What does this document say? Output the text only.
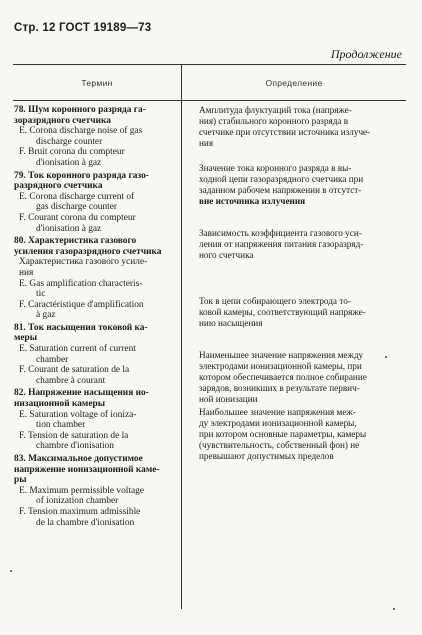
Стр. 12 ГОСТ 19189—73
Продолжение
Термин	Определение
78. Шум коронного разряда га-
зоразрядного счетчика
E. Corona discharge noise of gas
discharge counter
F. Bruit corona du compteur
d'ionisation à gaz
79. Ток коронного разряда газо-
разрядного счетчика
E. Corona discharge current of
gas discharge counter
F. Courant corona du compteur
d'ionisation à gaz
80. Характеристика газового
усиления газоразрядного счетчика
Характеристика газового усиле-
ния
E. Gas amplification characteris-
tic
F. Caractéristique d'amplification
à gaz
81. Ток насыщения токовой ка-
меры
E. Saturation current of current
chamber
F. Courant de saturation de la
chambre à courant
82. Напряжение насыщения ио-
низационной камеры
E. Saturation voltage of ioniza-
tion chamber
F. Tension de saturation de la
chambre d'ionisation
83. Максимальное допустимое
напряжение ионизационной каме-
ры
E. Maximum permissible voltage
of ionization chamber
F. Tension maximum admissible
de la chambre d'ionisation
Амплитуда флуктуаций тока (напряже-
ния) стабильного коронного разряда в
счетчике при отсутствии источника излуче-
ния
Значение тока коронного разряда в вы-
ходной цепи газоразрядного счетчика при
заданном рабочем напряжении в отсутст-
вие источника излучения
Зависимость коэффициента газового уси-
ления от напряжения питания газоразряд-
ного счетчика
Ток в цепи собирающего электрода то-
ковой камеры, соответствующий напряже-
нию насыщения
Наименьшее значение напряжения между
электродами ионизационной камеры, при
котором обеспечивается полное собирание
зарядов, возникших в результате первич-
ной ионизации
Наибольшее значение напряжения меж-
ду электродами ионизационной камеры,
при котором основные параметры, камеры
(чувствительность, собственный фон) не
превышают допустимых пределов
